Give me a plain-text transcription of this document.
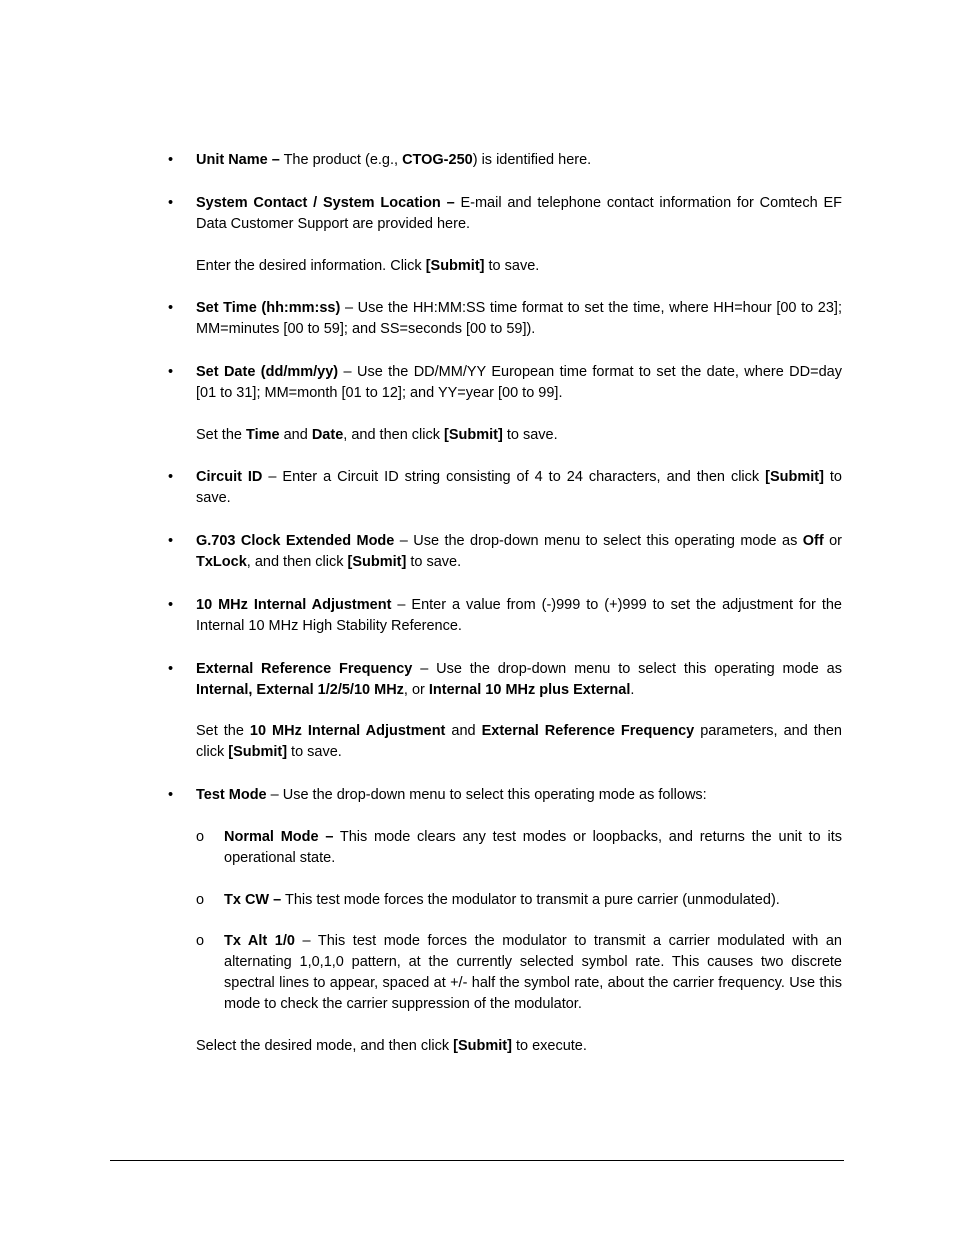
• Unit Name – The product (e.g., CTOG-250) is identified here.
• System Contact / System Location – E-mail and telephone contact information for Comtech EF Data Customer Support are provided here.
Enter the desired information. Click [Submit] to save.
• Set Time (hh:mm:ss) – Use the HH:MM:SS time format to set the time, where HH=hour [00 to 23]; MM=minutes [00 to 59]; and SS=seconds [00 to 59]).
• Set Date (dd/mm/yy) – Use the DD/MM/YY European time format to set the date, where DD=day [01 to 31]; MM=month [01 to 12]; and YY=year [00 to 99].
Set the Time and Date, and then click [Submit] to save.
• Circuit ID – Enter a Circuit ID string consisting of 4 to 24 characters, and then click [Submit] to save.
• G.703 Clock Extended Mode – Use the drop-down menu to select this operating mode as Off or TxLock, and then click [Submit] to save.
• 10 MHz Internal Adjustment – Enter a value from (-)999 to (+)999 to set the adjustment for the Internal 10 MHz High Stability Reference.
• External Reference Frequency – Use the drop-down menu to select this operating mode as Internal, External 1/2/5/10 MHz, or Internal 10 MHz plus External.
Set the 10 MHz Internal Adjustment and External Reference Frequency parameters, and then click [Submit] to save.
• Test Mode – Use the drop-down menu to select this operating mode as follows:
o Normal Mode – This mode clears any test modes or loopbacks, and returns the unit to its operational state.
o Tx CW – This test mode forces the modulator to transmit a pure carrier (unmodulated).
o Tx Alt 1/0 – This test mode forces the modulator to transmit a carrier modulated with an alternating 1,0,1,0 pattern, at the currently selected symbol rate. This causes two discrete spectral lines to appear, spaced at +/- half the symbol rate, about the carrier frequency. Use this mode to check the carrier suppression of the modulator.
Select the desired mode, and then click [Submit] to execute.
